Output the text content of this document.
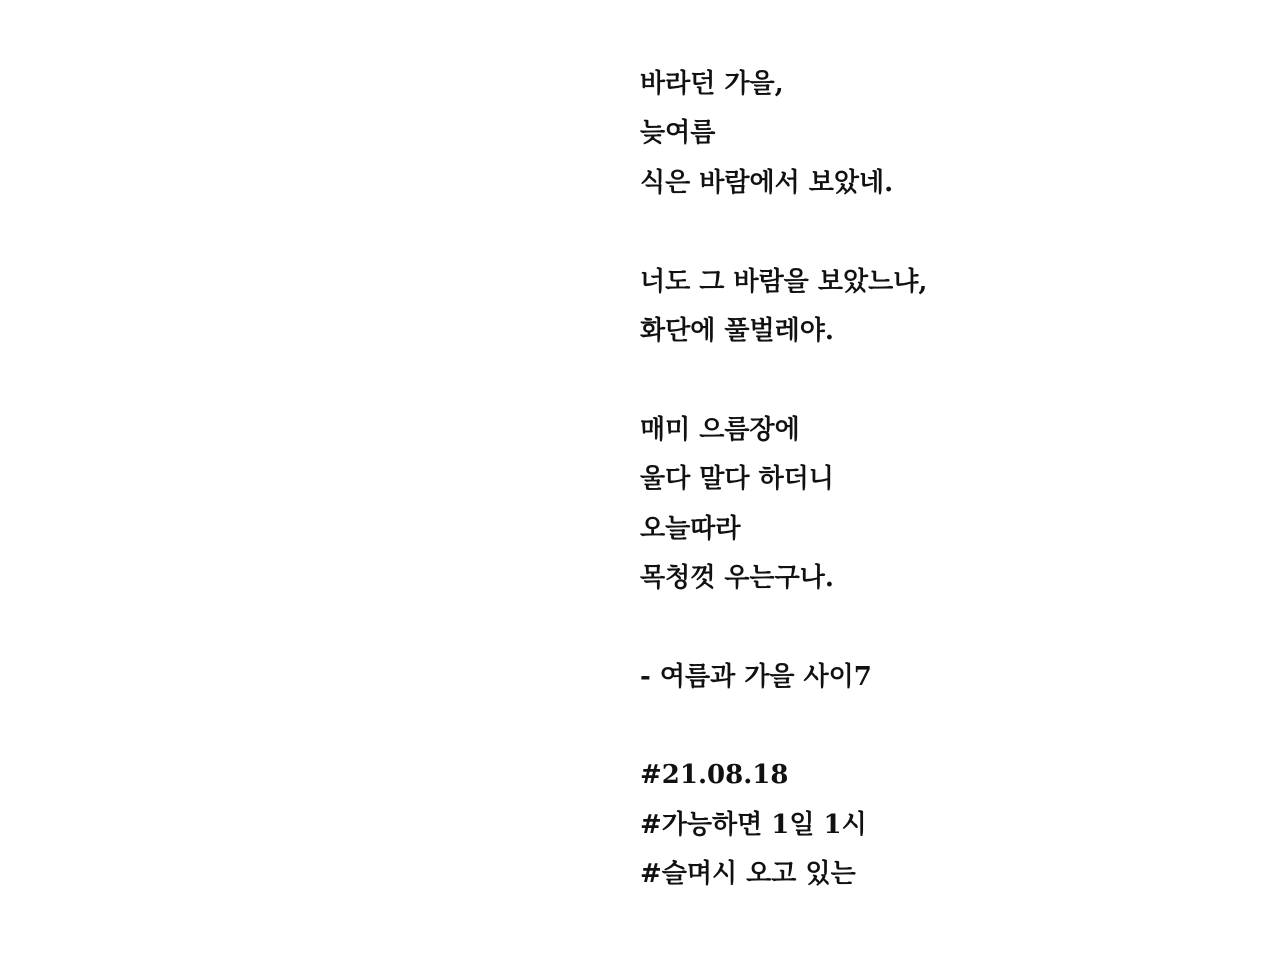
바라던 가을,
늦여름
식은 바람에서 보았네.
너도 그 바람을 보았느냐,
화단에 풀벌레야.
매미 으름장에
울다 말다 하더니
오늘따라
목청껏 우는구나.
- 여름과 가을 사이7
#21.08.18
#가능하면 1일 1시
#슬며시 오고 있는
